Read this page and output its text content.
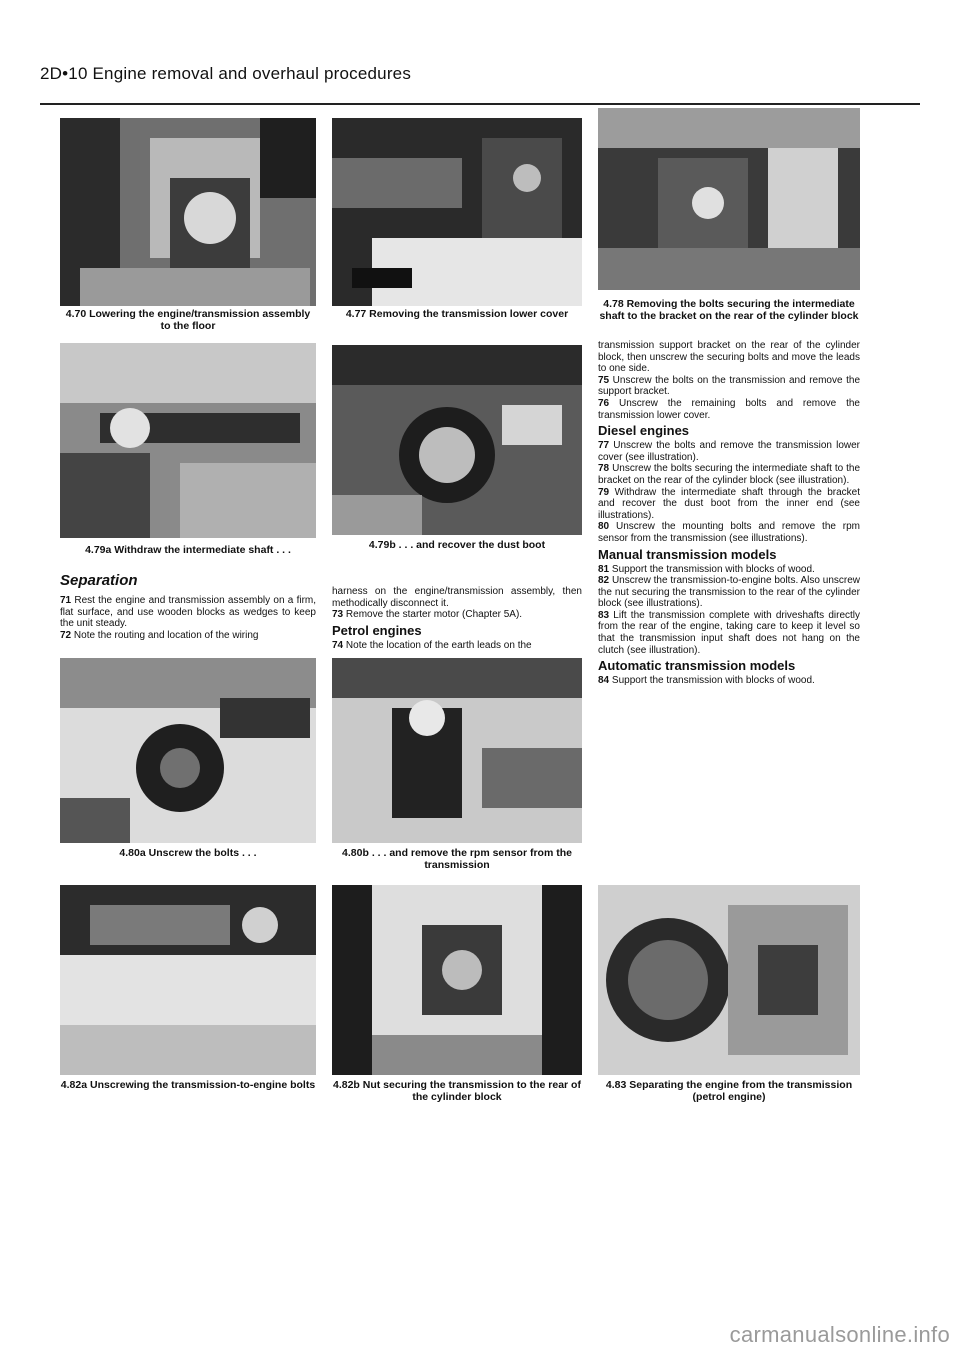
2D•10 Engine removal and overhaul procedures
4.70 Lowering the engine/transmission assembly to the floor
4.77 Removing the transmission lower cover
4.78 Removing the bolts securing the intermediate shaft to the bracket on the rear of the cylinder block
4.79a Withdraw the intermediate shaft . . .	4.79b . . . and recover the dust boot
Separation

71 Rest the engine and transmission assembly on a firm, flat surface, and use wooden blocks as wedges to keep the unit steady.

72 Note the routing and location of the wiring

harness on the engine/transmission assembly, then methodically disconnect it.

73 Remove the starter motor (Chapter 5A).

Petrol engines

74 Note the location of the earth leads on the

transmission support bracket on the rear of the cylinder block, then unscrew the securing bolts and move the leads to one side.

75 Unscrew the bolts on the transmission and remove the support bracket.

76 Unscrew the remaining bolts and remove the transmission lower cover.

Diesel engines

77 Unscrew the bolts and remove the transmission lower cover (see illustration).

78 Unscrew the bolts securing the intermediate shaft to the bracket on the rear of the cylinder block (see illustration).

79 Withdraw the intermediate shaft through the bracket and recover the dust boot from the inner end (see illustrations).

80 Unscrew the mounting bolts and remove the rpm sensor from the transmission (see illustrations).

Manual transmission models

81 Support the transmission with blocks of wood.

82 Unscrew the transmission-to-engine bolts. Also unscrew the nut securing the transmission to the rear of the cylinder block (see illustrations).

83 Lift the transmission complete with driveshafts directly from the rear of the engine, taking care to keep it level so that the transmission input shaft does not hang on the clutch (see illustration).

Automatic transmission models

84 Support the transmission with blocks of wood.

4.80a Unscrew the bolts . . .	4.80b . . . and remove the rpm sensor from the transmission
4.82a Unscrewing the transmission-to-engine bolts 4.82b Nut securing the transmission to the rear of the cylinder block
4.83 Separating the engine from the transmission (petrol engine)
carmanualsonline.info
